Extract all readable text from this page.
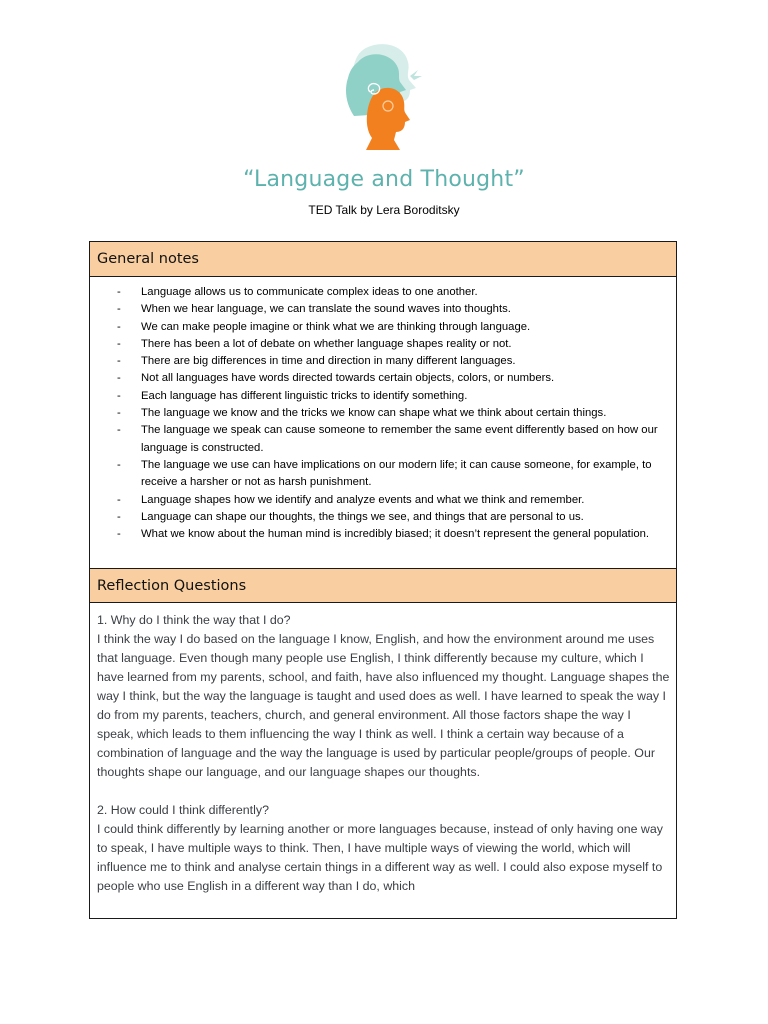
“Language and Thought”
TED Talk by Lera Boroditsky
General notes
- Language allows us to communicate complex ideas to one another.
- When we hear language, we can translate the sound waves into thoughts.
- We can make people imagine or think what we are thinking through language.
- There has been a lot of debate on whether language shapes reality or not.
- There are big differences in time and direction in many different languages.
- Not all languages have words directed towards certain objects, colors, or numbers.
- Each language has different linguistic tricks to identify something.
- The language we know and the tricks we know can shape what we think about certain things.
- The language we speak can cause someone to remember the same event differently based on how our language is constructed.
- The language we use can have implications on our modern life; it can cause someone, for example, to receive a harsher or not as harsh punishment.
- Language shapes how we identify and analyze events and what we think and remember.
- Language can shape our thoughts, the things we see, and things that are personal to us.
- What we know about the human mind is incredibly biased; it doesn’t represent the general population.
Reflection Questions

1. Why do I think the way that I do?

I think the way I do based on the language I know, English, and how the environment around me uses that language. Even though many people use English, I think differently because my culture, which I have learned from my parents, school, and faith, have also influenced my thought. Language shapes the way I think, but the way the language is taught and used does as well. I have learned to speak the way I do from my parents, teachers, church, and general environment. All those factors shape the way I speak, which leads to them influencing the way I think as well. I think a certain way because of a combination of language and the way the language is used by particular people/groups of people. Our thoughts shape our language, and our language shapes our thoughts.

2. How could I think differently?

I could think differently by learning another or more languages because, instead of only having one way to speak, I have multiple ways to think. Then, I have multiple ways of viewing the world, which will influence me to think and analyse certain things in a different way as well. I could also expose myself to people who use English in a different way than I do, which
